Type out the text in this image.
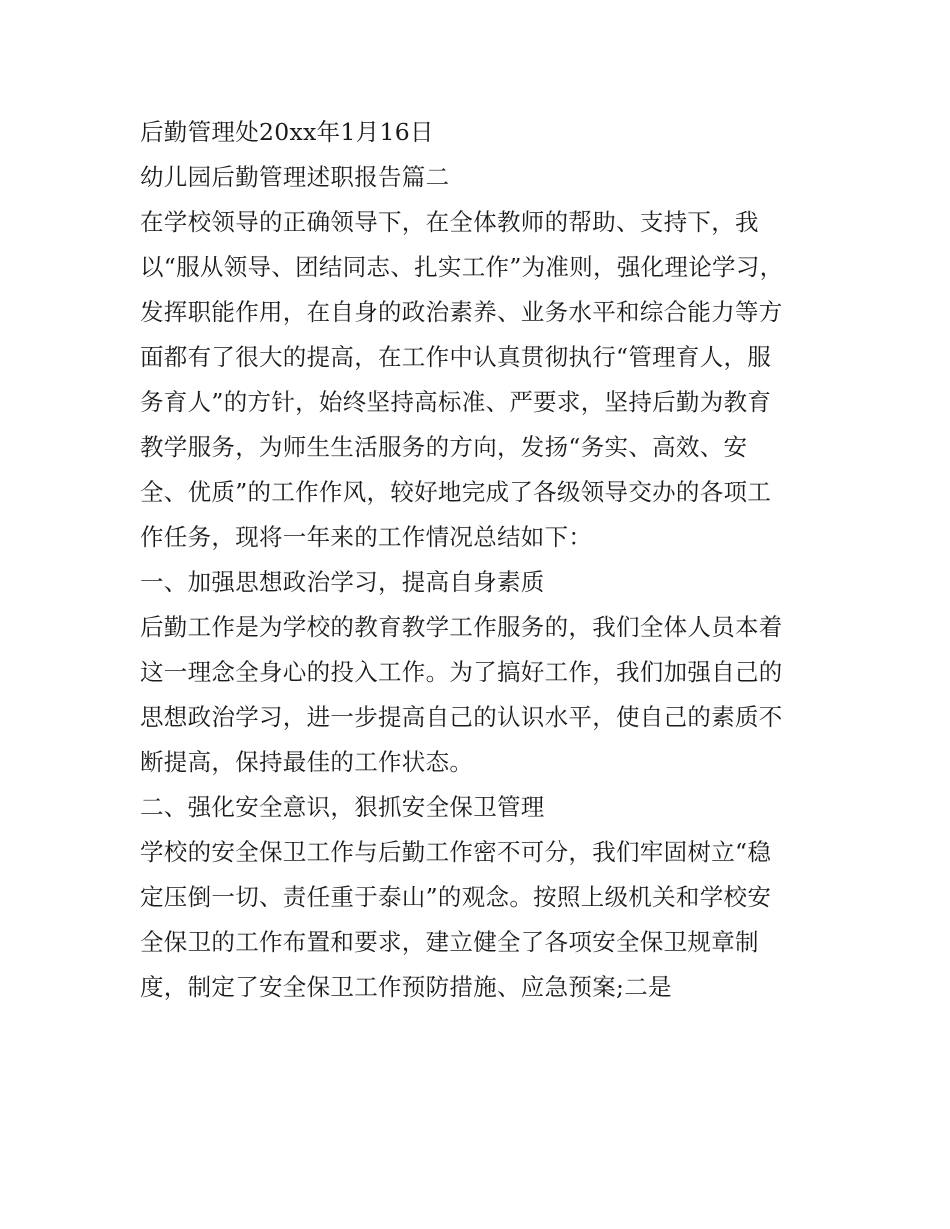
后勤管理处20xx年1月16日
幼儿园后勤管理述职报告篇二
在学校领导的正确领导下，在全体教师的帮助、支持下，我
以“服从领导、团结同志、扎实工作”为准则，强化理论学习，
发挥职能作用，在自身的政治素养、业务水平和综合能力等方
面都有了很大的提高，在工作中认真贯彻执行“管理育人，服
务育人”的方针，始终坚持高标准、严要求，坚持后勤为教育
教学服务，为师生生活服务的方向，发扬“务实、高效、安
全、优质”的工作作风，较好地完成了各级领导交办的各项工
作任务，现将一年来的工作情况总结如下：
一、加强思想政治学习，提高自身素质
后勤工作是为学校的教育教学工作服务的，我们全体人员本着
这一理念全身心的投入工作。为了搞好工作，我们加强自己的
思想政治学习，进一步提高自己的认识水平，使自己的素质不
断提高，保持最佳的工作状态。
二、强化安全意识，狠抓安全保卫管理
学校的安全保卫工作与后勤工作密不可分，我们牢固树立“稳
定压倒一切、责任重于泰山”的观念。按照上级机关和学校安
全保卫的工作布置和要求，建立健全了各项安全保卫规章制
度，制定了安全保卫工作预防措施、应急预案;二是
